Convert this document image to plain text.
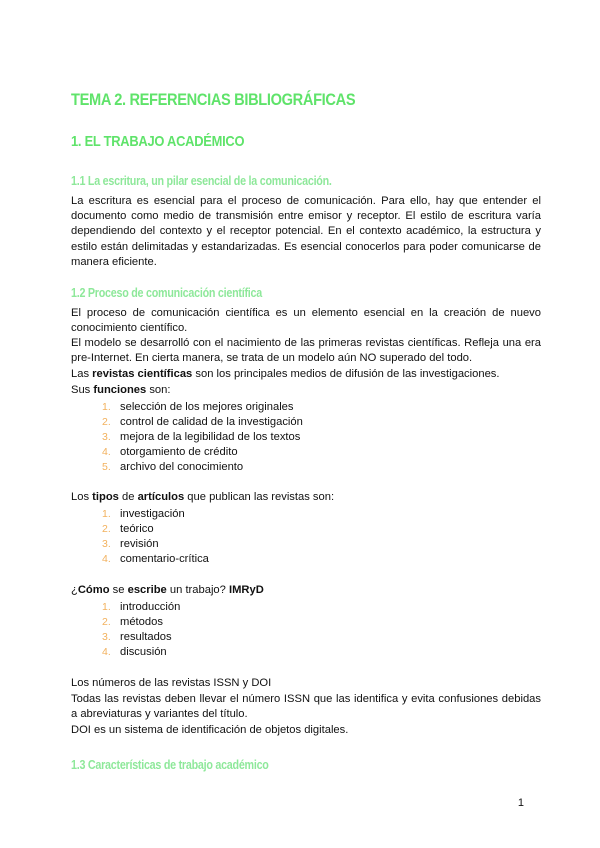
TEMA 2. REFERENCIAS BIBLIOGRÁFICAS
1. EL TRABAJO ACADÉMICO
1.1 La escritura, un pilar esencial de la comunicación.
La escritura es esencial para el proceso de comunicación. Para ello, hay que entender el documento como medio de transmisión entre emisor y receptor. El estilo de escritura varía dependiendo del contexto y el receptor potencial. En el contexto académico, la estructura y estilo están delimitadas y estandarizadas. Es esencial conocerlos para poder comunicarse de manera eficiente.
1.2 Proceso de comunicación científica
El proceso de comunicación científica es un elemento esencial en la creación de nuevo conocimiento científico.
El modelo se desarrolló con el nacimiento de las primeras revistas científicas. Refleja una era pre-Internet. En cierta manera, se trata de un modelo aún NO superado del todo.
Las revistas científicas son los principales medios de difusión de las investigaciones.
Sus funciones son:
1. selección de los mejores originales
2. control de calidad de la investigación
3. mejora de la legibilidad de los textos
4. otorgamiento de crédito
5. archivo del conocimiento
Los tipos de artículos que publican las revistas son:
1. investigación
2. teórico
3. revisión
4. comentario-crítica
¿Cómo se escribe un trabajo? IMRyD
1. introducción
2. métodos
3. resultados
4. discusión
Los números de las revistas ISSN y DOI
Todas las revistas deben llevar el número ISSN que las identifica y evita confusiones debidas a abreviaturas y variantes del título.
DOI es un sistema de identificación de objetos digitales.
1.3 Características de trabajo académico
1
